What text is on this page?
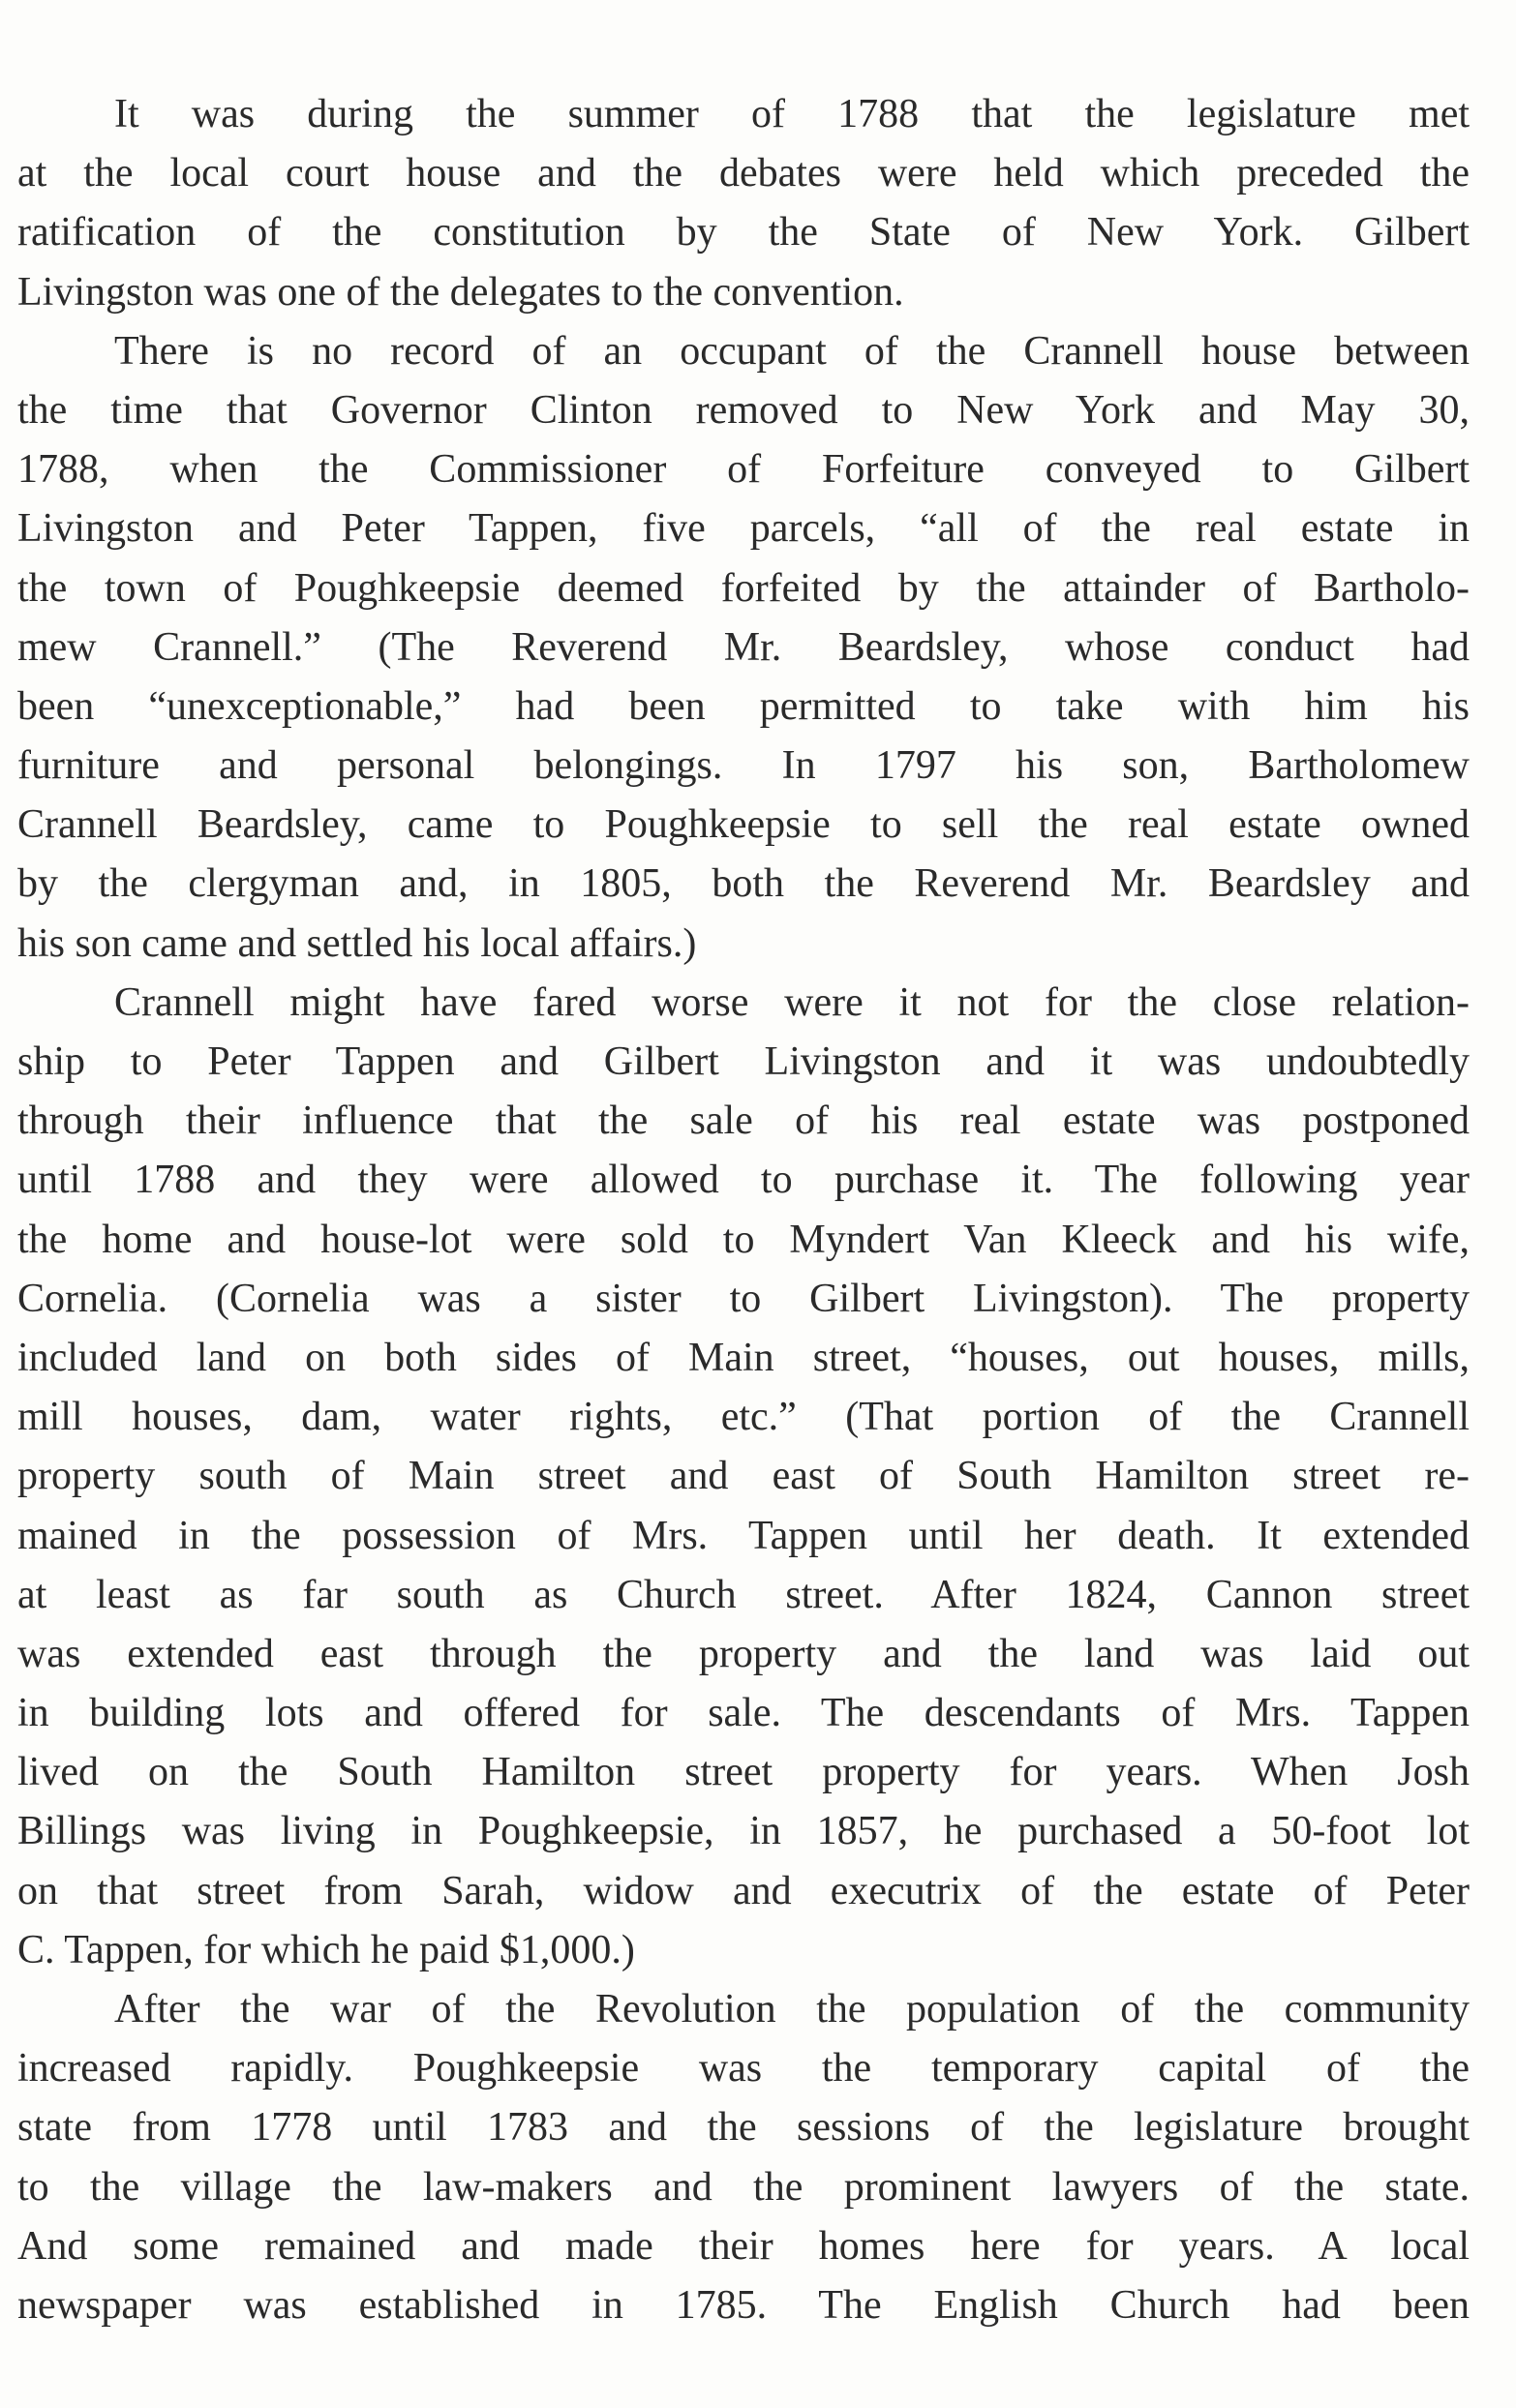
It was during the summer of 1788 that the legislature met
at the local court house and the debates were held which preceded the
ratification of the constitution by the State of New York. Gilbert
Livingston was one of the delegates to the convention.
There is no record of an occupant of the Crannell house between
the time that Governor Clinton removed to New York and May 30,
1788, when the Commissioner of Forfeiture conveyed to Gilbert
Livingston and Peter Tappen, five parcels, “all of the real estate in
the town of Poughkeepsie deemed forfeited by the attainder of Bartholo-
mew Crannell.” (The Reverend Mr. Beardsley, whose conduct had
been “unexceptionable,” had been permitted to take with him his
furniture and personal belongings. In 1797 his son, Bartholomew
Crannell Beardsley, came to Poughkeepsie to sell the real estate owned
by the clergyman and, in 1805, both the Reverend Mr. Beardsley and
his son came and settled his local affairs.)
Crannell might have fared worse were it not for the close relation-
ship to Peter Tappen and Gilbert Livingston and it was undoubtedly
through their influence that the sale of his real estate was postponed
until 1788 and they were allowed to purchase it. The following year
the home and house-lot were sold to Myndert Van Kleeck and his wife,
Cornelia. (Cornelia was a sister to Gilbert Livingston). The property
included land on both sides of Main street, “houses, out houses, mills,
mill houses, dam, water rights, etc.” (That portion of the Crannell
property south of Main street and east of South Hamilton street re-
mained in the possession of Mrs. Tappen until her death. It extended
at least as far south as Church street. After 1824, Cannon street
was extended east through the property and the land was laid out
in building lots and offered for sale. The descendants of Mrs. Tappen
lived on the South Hamilton street property for years. When Josh
Billings was living in Poughkeepsie, in 1857, he purchased a 50-foot lot
on that street from Sarah, widow and executrix of the estate of Peter
C. Tappen, for which he paid $1,000.)
After the war of the Revolution the population of the community
increased rapidly. Poughkeepsie was the temporary capital of the
state from 1778 until 1783 and the sessions of the legislature brought
to the village the law-makers and the prominent lawyers of the state.
And some remained and made their homes here for years. A local
newspaper was established in 1785. The English Church had been
